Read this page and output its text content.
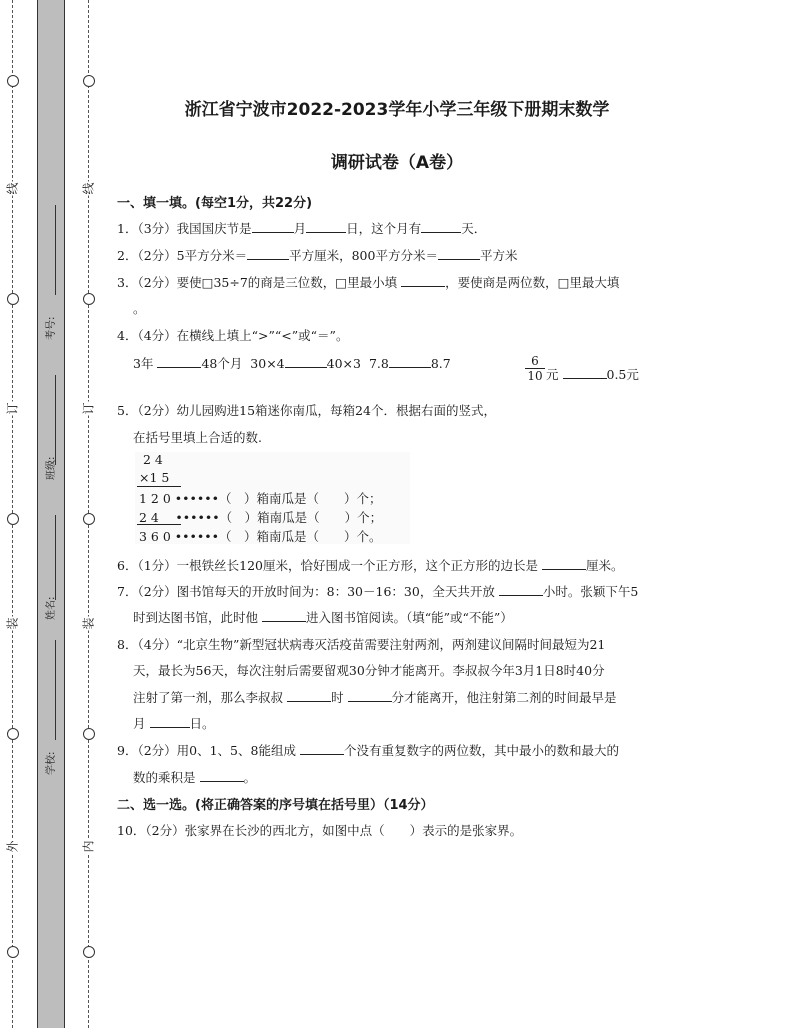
线
订
装
外
线
订
装
内
考号:
班级:
姓名:
学校:
浙江省宁波市2022-2023学年小学三年级下册期末数学
调研试卷（A卷）
一、填一填。(每空1分，共22分)
1．（3分）我国国庆节是	月	日，这个月有	天．
2．（2分）5平方分米＝	平方厘米，800平方分米＝	平方米
3．（2分）要使□35÷7的商是三位数，□里最小填	，要使商是两位数，□里最大填
。
4．（4分）在横线上填上“>”“<”或“＝”。
3年	48个月 30×4	40×3 7.8	8.7	$\frac{6}{10}$ 元	0.5元
5．（2分）幼儿园购进15箱迷你南瓜，每箱24个．根据右面的竖式，
在括号里填上合适的数.
2 4
×1 5
1 2 0 ••••••（　）箱南瓜是（　　）个；
2 4 　••••••（　）箱南瓜是（　　）个；
3 6 0 ••••••（　）箱南瓜是（　　）个。
6．（1分）一根铁丝长120厘米，恰好围成一个正方形，这个正方形的边长是	厘米。
7．（2分）图书馆每天的开放时间为：8：30－16：30，全天共开放	小时。张颖下午5
时到达图书馆，此时他	进入图书馆阅读。（填“能”或“不能”）
8．（4分）“北京生物”新型冠状病毒灭活疫苗需要注射两剂，两剂建议间隔时间最短为21
天，最长为56天，每次注射后需要留观30分钟才能离开。李叔叔今年3月1日8时40分
注射了第一剂，那么李叔叔	时	分才能离开，他注射第二剂的时间最早是
月	日。
9．（2分）用0、1、5、8能组成	个没有重复数字的两位数，其中最小的数和最大的
数的乘积是	。
二、选一选。(将正确答案的序号填在括号里）（14分）
10．（2分）张家界在长沙的西北方，如图中点（　　）表示的是张家界。
